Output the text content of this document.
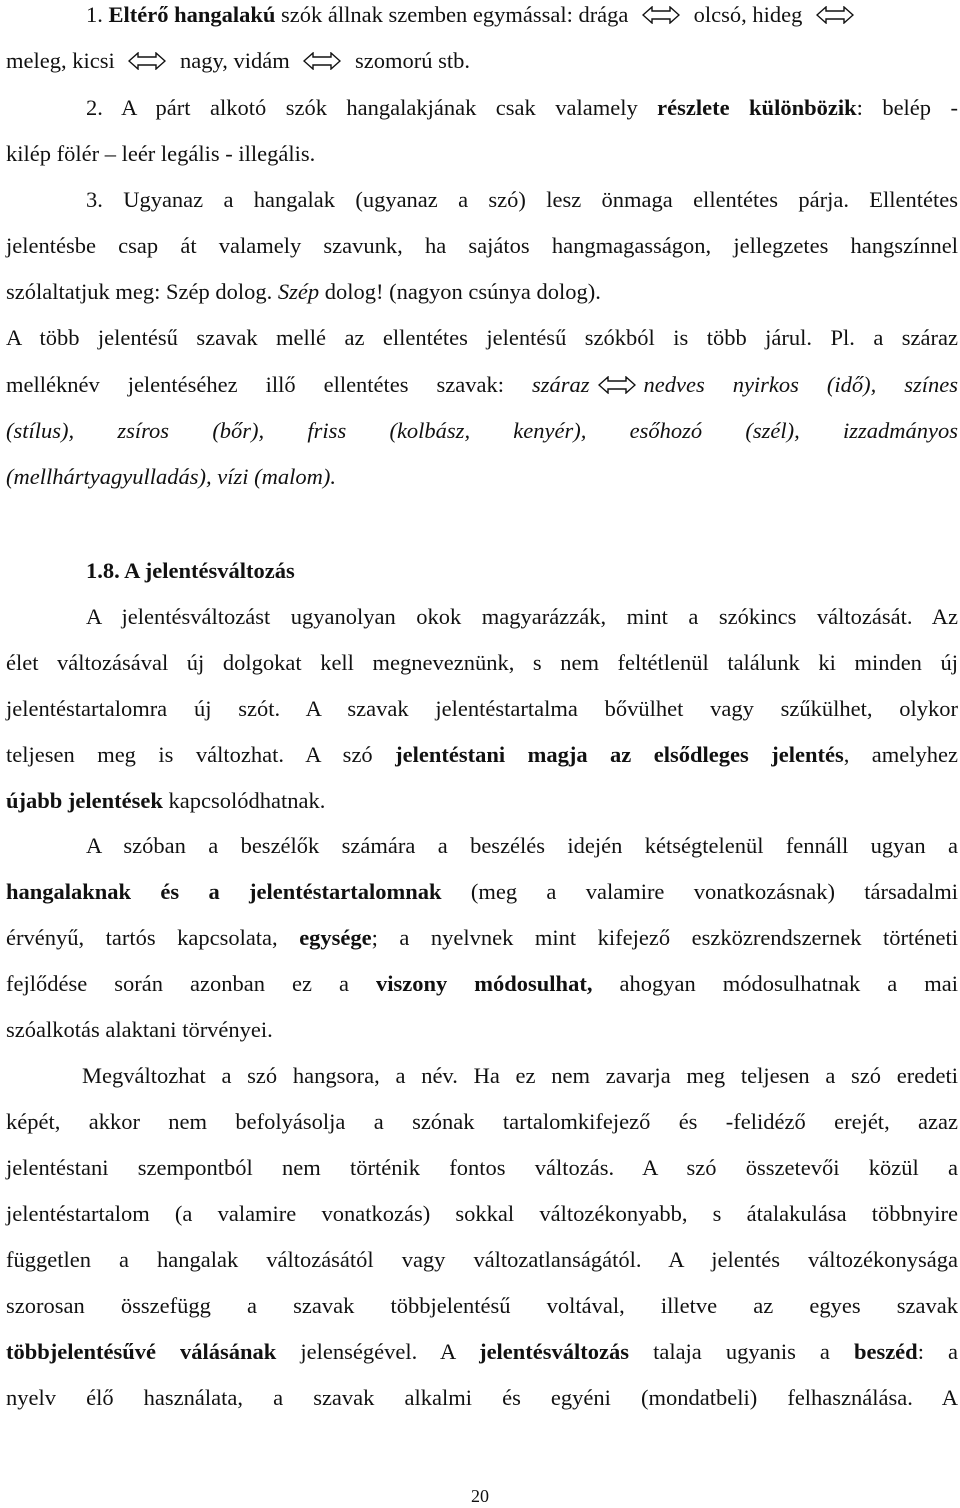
1. Eltérő hangalakú szók állnak szemben egymással: drága	olcsó, hideg
meleg, kicsi	nagy, vidám	szomorú stb.
2. A párt alkotó szók hangalakjának csak valamely részlete különbözik: belép -
kilép fölér – leér legális - illegális.
3. Ugyanaz a hangalak (ugyanaz a szó) lesz önmaga ellentétes párja. Ellentétes
jelentésbe csap át valamely szavunk, ha sajátos hangmagasságon, jellegzetes hangszínnel
szólaltatjuk meg: Szép dolog. Szép dolog! (nagyon csúnya dolog).
A több jelentésű szavak mellé az ellentétes jelentésű szókból is több járul. Pl. a száraz
melléknév jelentéséhez illő ellentétes szavak: száraz nedves nyirkos (idő), színes
(stílus), zsíros (bőr), friss (kolbász, kenyér), esőhozó (szél), izzadmányos
(mellhártyagyulladás), vízi (malom).
1.8. A jelentésváltozás
A jelentésváltozást ugyanolyan okok magyarázzák, mint a szókincs változását. Az
élet változásával új dolgokat kell megneveznünk, s nem feltétlenül találunk ki minden új
jelentéstartalomra új szót. A szavak jelentéstartalma bővülhet vagy szűkülhet, olykor
teljesen meg is változhat. A szó jelentéstani magja az elsődleges jelentés, amelyhez
újabb jelentések kapcsolódhatnak.
A szóban a beszélők számára a beszélés idején kétségtelenül fennáll ugyan a
hangalaknak és a jelentéstartalomnak (meg a valamire vonatkozásnak) társadalmi
érvényű, tartós kapcsolata, egysége; a nyelvnek mint kifejező eszközrendszernek történeti
fejlődése során azonban ez a viszony módosulhat, ahogyan módosulhatnak a mai
szóalkotás alaktani törvényei.
Megváltozhat a szó hangsora, a név. Ha ez nem zavarja meg teljesen a szó eredeti
képét, akkor nem befolyásolja a szónak tartalomkifejező és -felidéző erejét, azaz
jelentéstani szempontból nem történik fontos változás. A szó összetevői közül a
jelentéstartalom (a valamire vonatkozás) sokkal változékonyabb, s átalakulása többnyire
független a hangalak változásától vagy változatlanságától. A jelentés változékonysága
szorosan összefügg a szavak többjelentésű voltával, illetve az egyes szavak
többjelentésűvé válásának jelenségével. A jelentésváltozás talaja ugyanis a beszéd: a
nyelv élő használata, a szavak alkalmi és egyéni (mondatbeli) felhasználása. A
20
